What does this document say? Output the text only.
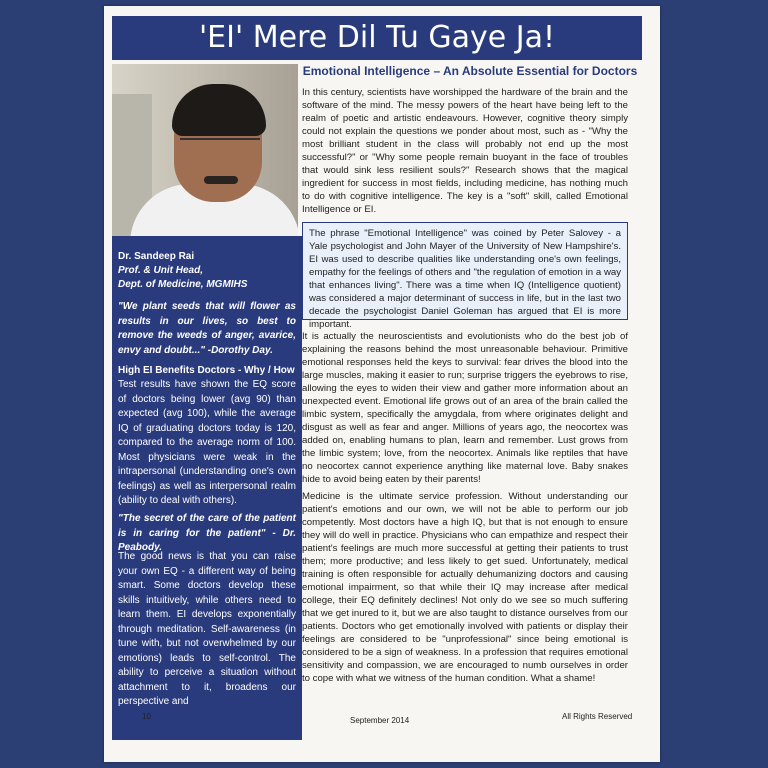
'EI' Mere Dil Tu Gaye Ja!
Dr. Sandeep Rai
Prof. & Unit Head,
Dept. of Medicine, MGMIHS
"We plant seeds that will flower as results in our lives, so best to remove the weeds of anger, avarice, envy and doubt..." -Dorothy Day.
High EI Benefits Doctors - Why / How
Test results have shown the EQ score of doctors being lower (avg 90) than expected (avg 100), while the average IQ of graduating doctors today is 120, compared to the average norm of 100. Most physicians were weak in the intrapersonal (understanding one's own feelings) as well as interpersonal realm (ability to deal with others).
"The secret of the care of the patient is in caring for the patient" - Dr. Peabody.
The good news is that you can raise your own EQ - a different way of being smart. Some doctors develop these skills intuitively, while others need to learn them. EI develops exponentially through meditation. Self-awareness (in tune with, but not overwhelmed by our emotions) leads to self-control. The ability to perceive a situation without attachment to it, broadens our perspective and
Emotional Intelligence – An Absolute Essential for Doctors
In this century, scientists have worshipped the hardware of the brain and the software of the mind. The messy powers of the heart have being left to the realm of poetic and artistic endeavours. However, cognitive theory simply could not explain the questions we ponder about most, such as - "Why the most brilliant student in the class will probably not end up the most successful?" or "Why some people remain buoyant in the face of troubles that would sink less resilient souls?" Research shows that the magical ingredient for success in most fields, including medicine, has nothing much to do with cognitive intelligence. The key is a "soft" skill, called Emotional Intelligence or EI.
The phrase "Emotional Intelligence" was coined by Peter Salovey - a Yale psychologist and John Mayer of the University of New Hampshire's. EI was used to describe qualities like understanding one's own feelings, empathy for the feelings of others and "the regulation of emotion in a way that enhances living". There was a time when IQ (Intelligence quotient) was considered a major determinant of success in life, but in the last two decade the psychologist Daniel Goleman has argued that EI is more important.
It is actually the neuroscientists and evolutionists who do the best job of explaining the reasons behind the most unreasonable behaviour. Primitive emotional responses held the keys to survival: fear drives the blood into the large muscles, making it easier to run; surprise triggers the eyebrows to rise, allowing the eyes to widen their view and gather more information about an unexpected event. Emotional life grows out of an area of the brain called the limbic system, specifically the amygdala, from where originates delight and disgust as well as fear and anger. Millions of years ago, the neocortex was added on, enabling humans to plan, learn and remember. Lust grows from the limbic system; love, from the neocortex. Animals like reptiles that have no neocortex cannot experience anything like maternal love. Baby snakes hide to avoid being eaten by their parents!
Medicine is the ultimate service profession. Without understanding our patient's emotions and our own, we will not be able to perform our job competently. Most doctors have a high IQ, but that is not enough to ensure they will do well in practice. Physicians who can empathize and respect their patient's feelings are much more successful at getting their patients to trust them; more productive; and less likely to get sued. Unfortunately, medical training is often responsible for actually dehumanizing doctors and causing emotional impairment, so that while their IQ may increase after medical college, their EQ definitely declines! Not only do we see so much suffering that we get inured to it, but we are also taught to distance ourselves from our patients. Doctors who get emotionally involved with patients or display their feelings are considered to be "unprofessional" since being emotional is considered to be a sign of weakness. In a profession that requires emotional sensitivity and compassion, we are encouraged to numb ourselves in order to cope with what we witness of the human condition. What a shame!
10	September 2014	All Rights Reserved
